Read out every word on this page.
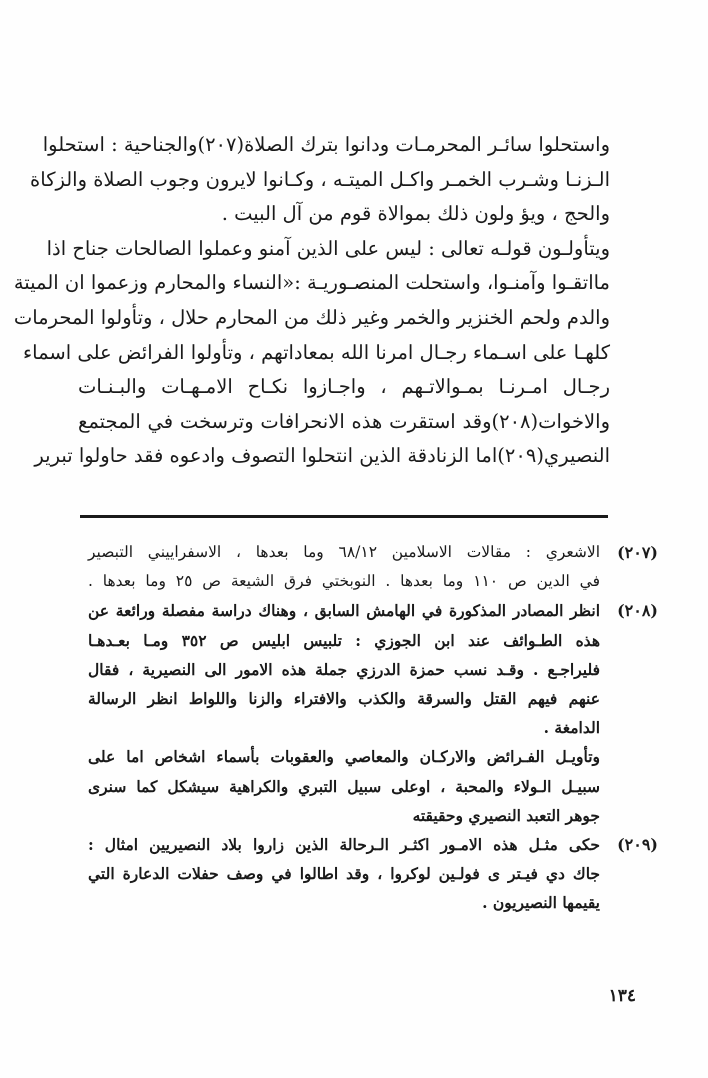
واستحلوا سائـر المحرمـات ودانوا بترك الصلاة(٢٠٧)والجناحية : استحلوا
الـزنـا وشـرب الخمـر واكـل الميتـه ، وكـانوا لايرون وجوب الصلاة والزكاة
والحج ، ويؤ ولون ذلك بموالاة قوم من آل البيت .
ويتأولـون قولـه تعالى : ليس على الذين آمنو وعملوا الصالحات جناح اذا
مااتقـوا وآمنـوا، واستحلت المنصـوريـة :«النساء والمحارم وزعموا ان الميتة
والدم ولحم الخنزير والخمر وغير ذلك من المحارم حلال ، وتأولوا المحرمات
كلهـا على اسـماء رجـال امرنا الله بمعاداتهم ، وتأولوا الفرائض على اسماء
رجـال امـرنـا بمـوالاتـهم ، واجـازوا نكـاح الامـهـات والبـنـات
والاخوات(٢٠٨)وقد استقرت هذه الانحرافات وترسخت في المجتمع
النصيري(٢٠٩)اما الزنادقة الذين انتحلوا التصوف وادعوه فقد حاولوا تبرير
(٢٠٧)
الاشعري : مقالات الاسلامين ٦٨/١٢ وما بعدها ، الاسفراييني التبصير
في الدين ص ١١٠ وما بعدها . النوبختي فرق الشيعة ص ٢٥ وما بعدها .
(٢٠٨)
انظر المصادر المذكورة في الهامش السابق ، وهناك دراسة مفصلة ورائعة عن
هذه الطـوائف عند ابن الجوزي : تلبيس ابليس ص ٣٥٢ ومـا بعـدهـا
فليراجـع . وقـد نسب حمزة الدرزي جملة هذه الامور الى النصيرية ، فقال
عنهم فيهم القتل والسرقة والكذب والافتراء والزنا واللواط انظر الرسالة
الدامغة .
وتأويـل الفـرائض والاركـان والمعاصي والعقوبات بأسماء اشخاص اما على
سبيـل الـولاء والمحبة ، اوعلى سبيل التبري والكراهية سيشكل كما سنرى
جوهر التعبد النصيري وحقيقته
(٢٠٩)
حكى مثـل هذه الامـور اكثـر الـرحالة الذين زاروا بلاد النصيريين امثال :
جاك دي فيـتر ى فولـين لوكروا ، وقد اطالوا في وصف حفلات الدعارة التي
يقيمها النصيريون .
١٣٤
